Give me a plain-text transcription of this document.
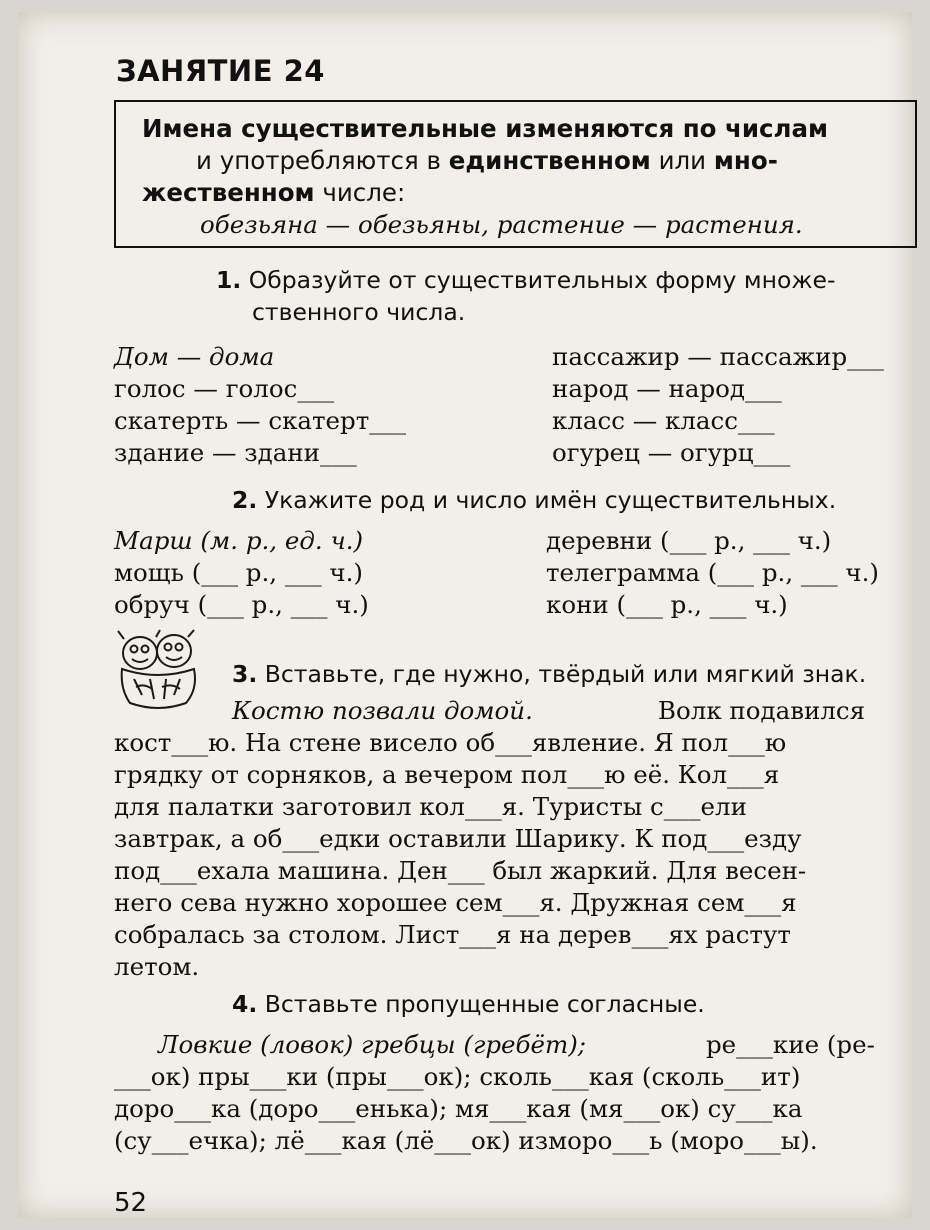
ЗАНЯТИЕ 24
Имена существительные изменяются по числам
и употребляются в единственном или мно-
жественном числе:
обезьяна — обезьяны, растение — растения.
1. Образуйте от существительных форму множе-
ственного числа.
Дом — дома
голос — голос___
скатерть — скатерт___
здание — здани___
пассажир — пассажир___
народ — народ___
класс — класс___
огурец — огурц___
2. Укажите род и число имён существительных.
Марш (м. р., ед. ч.)
мощь (___ р., ___ ч.)
обруч (___ р., ___ ч.)
деревни (___ р., ___ ч.)
телеграмма (___ р., ___ ч.)
кони (___ р., ___ ч.)
3. Вставьте, где нужно, твёрдый или мягкий знак.
Костю позвали домой.	Волк подавился
кост___ю. На стене висело об___явление. Я пол___ю
грядку от сорняков, а вечером пол___ю её. Кол___я
для палатки заготовил кол___я. Туристы с___ели
завтрак, а об___едки оставили Шарику. К под___езду
под___ехала машина. Ден___ был жаркий. Для весен-
него сева нужно хорошее сем___я. Дружная сем___я
собралась за столом. Лист___я на дерев___ях растут
летом.
4. Вставьте пропущенные согласные.
Ловкие (ловок) гребцы (гребёт);	ре___кие (ре-
___ок) пры___ки (пры___ок); сколь___кая (сколь___ит)
доро___ка (доро___енька); мя___кая (мя___ок) су___ка
(су___ечка); лё___кая (лё___ок) изморо___ь (моро___ы).
52
